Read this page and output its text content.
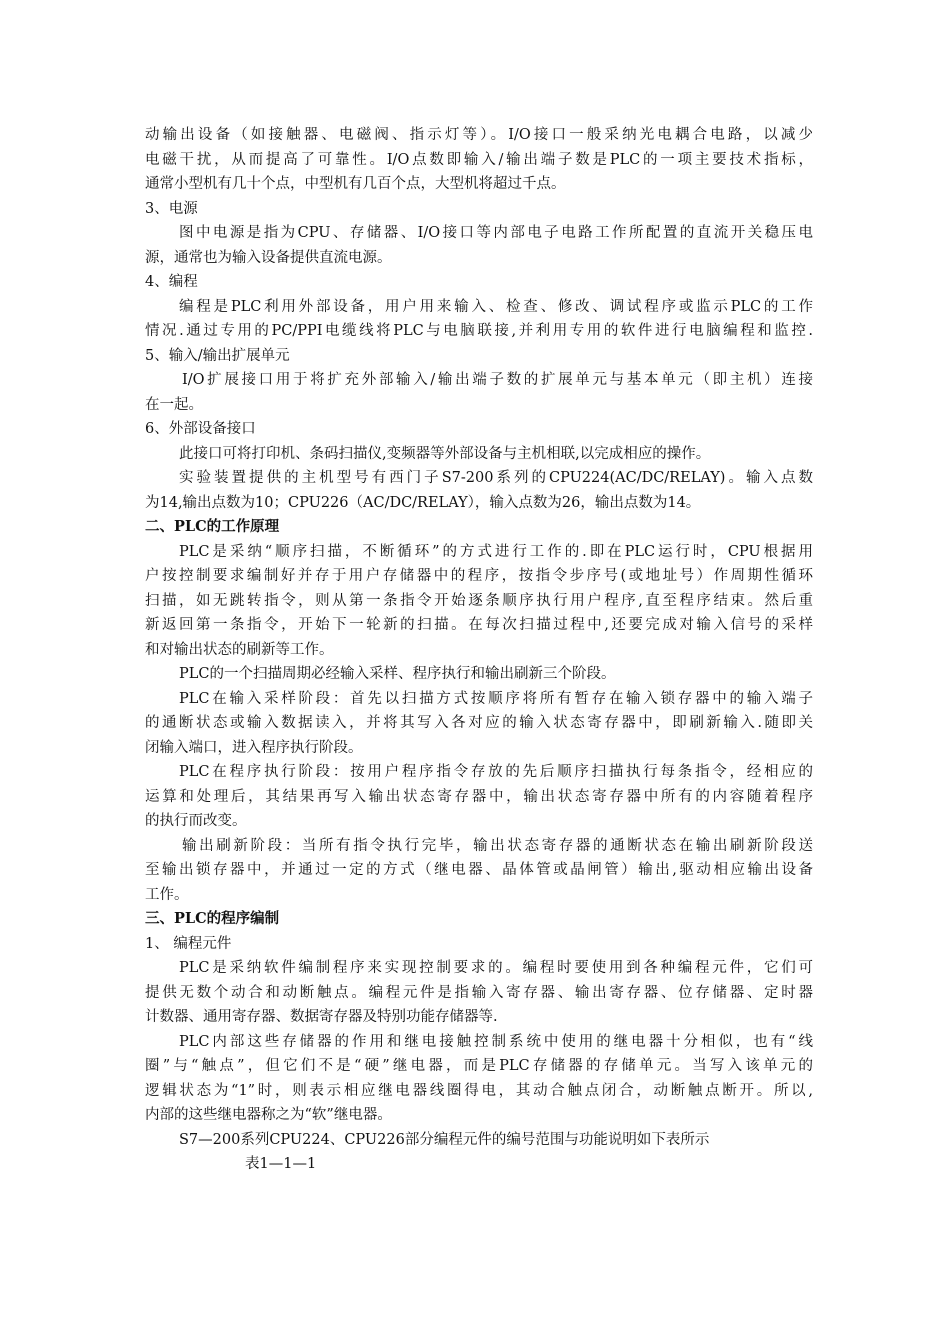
动输出设备（如接触器、电磁阀、指示灯等）。I/O接口一般采纳光电耦合电路，以减少
电磁干扰，从而提高了可靠性。I/O点数即输入/输出端子数是PLC的一项主要技术指标，
通常小型机有几十个点，中型机有几百个点，大型机将超过千点。
3、电源
图中电源是指为CPU、存储器、I/O接口等内部电子电路工作所配置的直流开关稳压电
源，通常也为输入设备提供直流电源。
4、编程
编程是PLC利用外部设备，用户用来输入、检查、修改、调试程序或监示PLC的工作
情况.通过专用的PC/PPI电缆线将PLC与电脑联接,并利用专用的软件进行电脑编程和监控.
5、输入/输出扩展单元
I/O扩展接口用于将扩充外部输入/输出端子数的扩展单元与基本单元（即主机）连接
在一起。
6、外部设备接口
此接口可将打印机、条码扫描仪,变频器等外部设备与主机相联,以完成相应的操作。
实验装置提供的主机型号有西门子S7-200系列的CPU224(AC/DC/RELAY)。输入点数
为14,输出点数为10；CPU226（AC/DC/RELAY），输入点数为26，输出点数为14。
二、PLC的工作原理
PLC是采纳“顺序扫描，不断循环”的方式进行工作的.即在PLC运行时，CPU根据用
户按控制要求编制好并存于用户存储器中的程序，按指令步序号(或地址号）作周期性循环
扫描，如无跳转指令，则从第一条指令开始逐条顺序执行用户程序,直至程序结束。然后重
新返回第一条指令，开始下一轮新的扫描。在每次扫描过程中,还要完成对输入信号的采样
和对输出状态的刷新等工作。
PLC的一个扫描周期必经输入采样、程序执行和输出刷新三个阶段。
PLC在输入采样阶段：首先以扫描方式按顺序将所有暂存在输入锁存器中的输入端子
的通断状态或输入数据读入，并将其写入各对应的输入状态寄存器中，即刷新输入.随即关
闭输入端口，进入程序执行阶段。
PLC在程序执行阶段：按用户程序指令存放的先后顺序扫描执行每条指令，经相应的
运算和处理后，其结果再写入输出状态寄存器中，输出状态寄存器中所有的内容随着程序
的执行而改变。
输出刷新阶段：当所有指令执行完毕，输出状态寄存器的通断状态在输出刷新阶段送
至输出锁存器中，并通过一定的方式（继电器、晶体管或晶闸管）输出,驱动相应输出设备
工作。
三、PLC的程序编制
1、 编程元件
PLC是采纳软件编制程序来实现控制要求的。编程时要使用到各种编程元件，它们可
提供无数个动合和动断触点。编程元件是指输入寄存器、输出寄存器、位存储器、定时器
计数器、通用寄存器、数据寄存器及特别功能存储器等.
PLC内部这些存储器的作用和继电接触控制系统中使用的继电器十分相似，也有“线
圈”与“触点”，但它们不是“硬”继电器，而是PLC存储器的存储单元。当写入该单元的
逻辑状态为“1”时，则表示相应继电器线圈得电，其动合触点闭合，动断触点断开。所以,
内部的这些继电器称之为“软”继电器。
S7—200系列CPU224、CPU226部分编程元件的编号范围与功能说明如下表所示
表1—1—1
